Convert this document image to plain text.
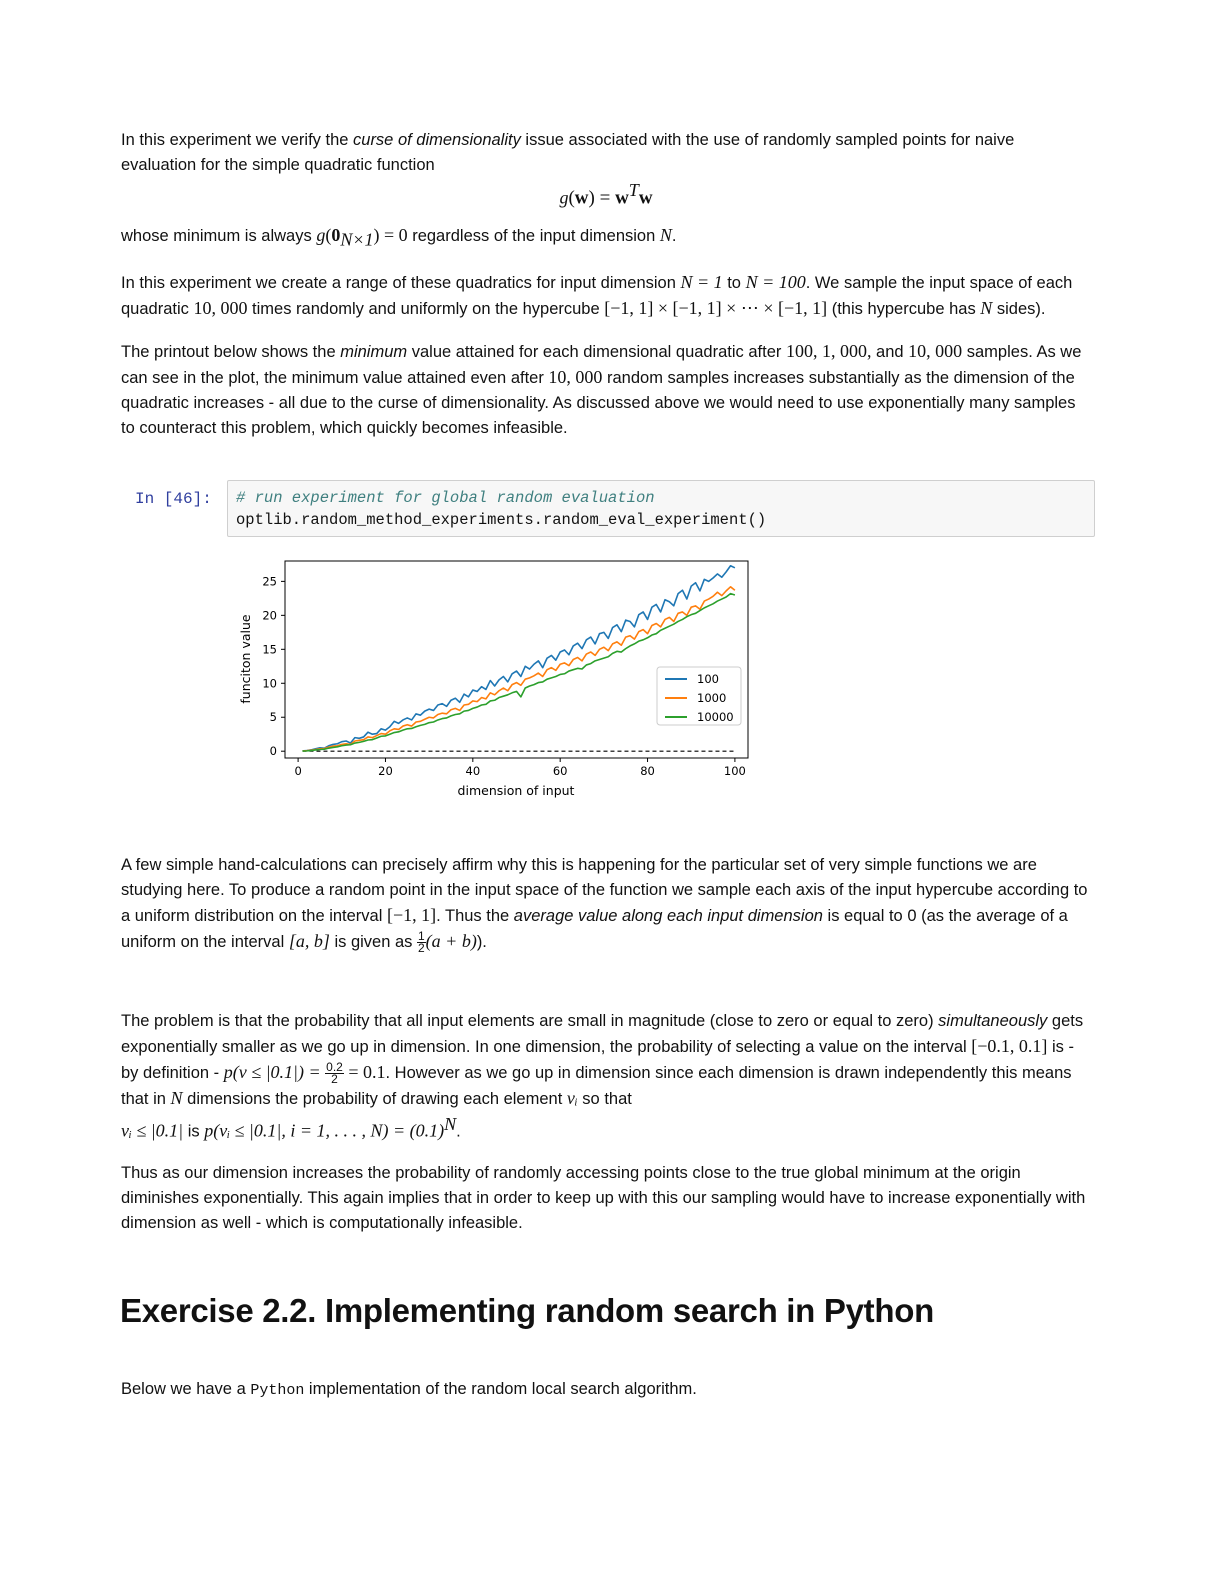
In this experiment we verify the curse of dimensionality issue associated with the use of randomly sampled points for naive evaluation for the simple quadratic function

$g(w) = w^Tw$

whose minimum is always $g(0_{N\times 1}) = 0$ regardless of the input dimension N.

In this experiment we create a range of these quadratics for input dimension N = 1 to N = 100. We sample the input space of each quadratic 10, 000 times randomly and uniformly on the hypercube [−1, 1] × [−1, 1] × ⋯ × [−1, 1] (this hypercube has N sides).

The printout below shows the minimum value attained for each dimensional quadratic after 100, 1, 000, and 10, 000 samples. As we can see in the plot, the minimum value attained even after 10, 000 random samples increases substantially as the dimension of the quadratic increases - all due to the curse of dimensionality. As discussed above we would need to use exponentially many samples to counteract this problem, which quickly becomes infeasible.

In [46]: # run experiment for global random evaluation
optlib.random_method_experiments.random_eval_experiment()
0	20	40	60	80	100
0
5
10
15
20
25
dimension of input
funciton value	100
1000
10000

A few simple hand-calculations can precisely affirm why this is happening for the particular set of very simple functions we are studying here. To produce a random point in the input space of the function we sample each axis of the input hypercube according to a uniform distribution on the interval [−1, 1]. Thus the average value along each input dimension is equal to 0 (as the average of a uniform on the interval [a, b] is given as $\frac{1}{2} (a + b)$).

The problem is that the probability that all input elements are small in magnitude (close to zero or equal to zero) simultaneously gets exponentially smaller as we go up in dimension. In one dimension, the probability of selecting a value on the interval [−0.1, 0.1] is - by definition - $p(v \le |0.1|) = \frac{0.2}{2} = 0.1$. However as we go up in dimension since each dimension is drawn independently this means that in N dimensions the probability of drawing each element vᵢ so that
vᵢ ≤ |0.1| is p(vᵢ ≤ |0.1|, i = 1, . . . , $N) = (0.1)^N$.

Thus as our dimension increases the probability of randomly accessing points close to the true global minimum at the origin diminishes exponentially. This again implies that in order to keep up with this our sampling would have to increase exponentially with dimension as well - which is computationally infeasible.

Exercise 2.2. Implementing random search in Python

Below we have a Python implementation of the random local search algorithm.
